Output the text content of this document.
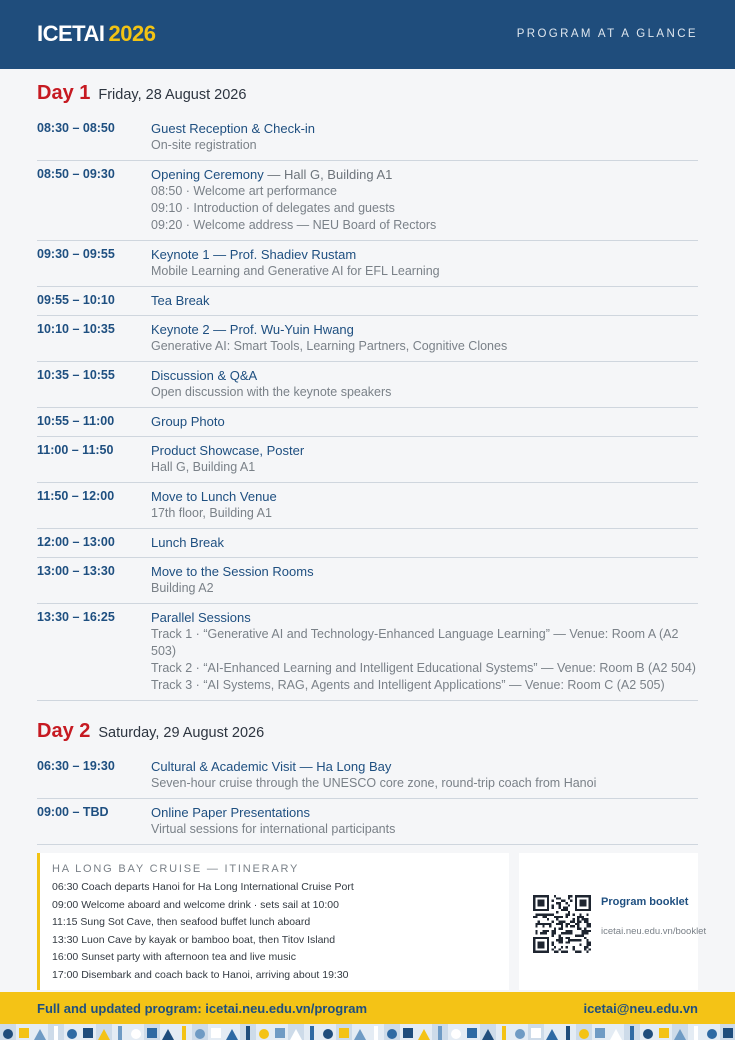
ICETAI 2026	PROGRAM AT A GLANCE
Day 1 Friday, 28 August 2026
08:30 – 08:50	Guest Reception & Check-in
On-site registration
08:50 – 09:30	Opening Ceremony — Hall G, Building A1
08:50 · Welcome art performance
09:10 · Introduction of delegates and guests
09:20 · Welcome address — NEU Board of Rectors
09:30 – 09:55	Keynote 1 — Prof. Shadiev Rustam
Mobile Learning and Generative AI for EFL Learning
09:55 – 10:10	Tea Break
10:10 – 10:35	Keynote 2 — Prof. Wu-Yuin Hwang
Generative AI: Smart Tools, Learning Partners, Cognitive Clones
10:35 – 10:55	Discussion & Q&A
Open discussion with the keynote speakers
10:55 – 11:00	Group Photo
11:00 – 11:50	Product Showcase, Poster
Hall G, Building A1
11:50 – 12:00	Move to Lunch Venue
17th floor, Building A1
12:00 – 13:00	Lunch Break
13:00 – 13:30	Move to the Session Rooms
Building A2
13:30 – 16:25	Parallel Sessions
Track 1 · “Generative AI and Technology-Enhanced Language Learning” — Venue: Room A (A2 503)
Track 2 · “AI-Enhanced Learning and Intelligent Educational Systems” — Venue: Room B (A2 504)
Track 3 · “AI Systems, RAG, Agents and Intelligent Applications” — Venue: Room C (A2 505)
Day 2 Saturday, 29 August 2026
06:30 – 19:30	Cultural & Academic Visit — Ha Long Bay
Seven-hour cruise through the UNESCO core zone, round-trip coach from Hanoi
09:00 – TBD	Online Paper Presentations
Virtual sessions for international participants
HA LONG BAY CRUISE — ITINERARY
06:30 Coach departs Hanoi for Ha Long International Cruise Port
09:00 Welcome aboard and welcome drink · sets sail at 10:00
11:15 Sung Sot Cave, then seafood buffet lunch aboard
13:30 Luon Cave by kayak or bamboo boat, then Titov Island
16:00 Sunset party with afternoon tea and live music
17:00 Disembark and coach back to Hanoi, arriving about 19:30
Program booklet
icetai.neu.edu.vn/booklet
Full and updated program: icetai.neu.edu.vn/program	icetai@neu.edu.vn
